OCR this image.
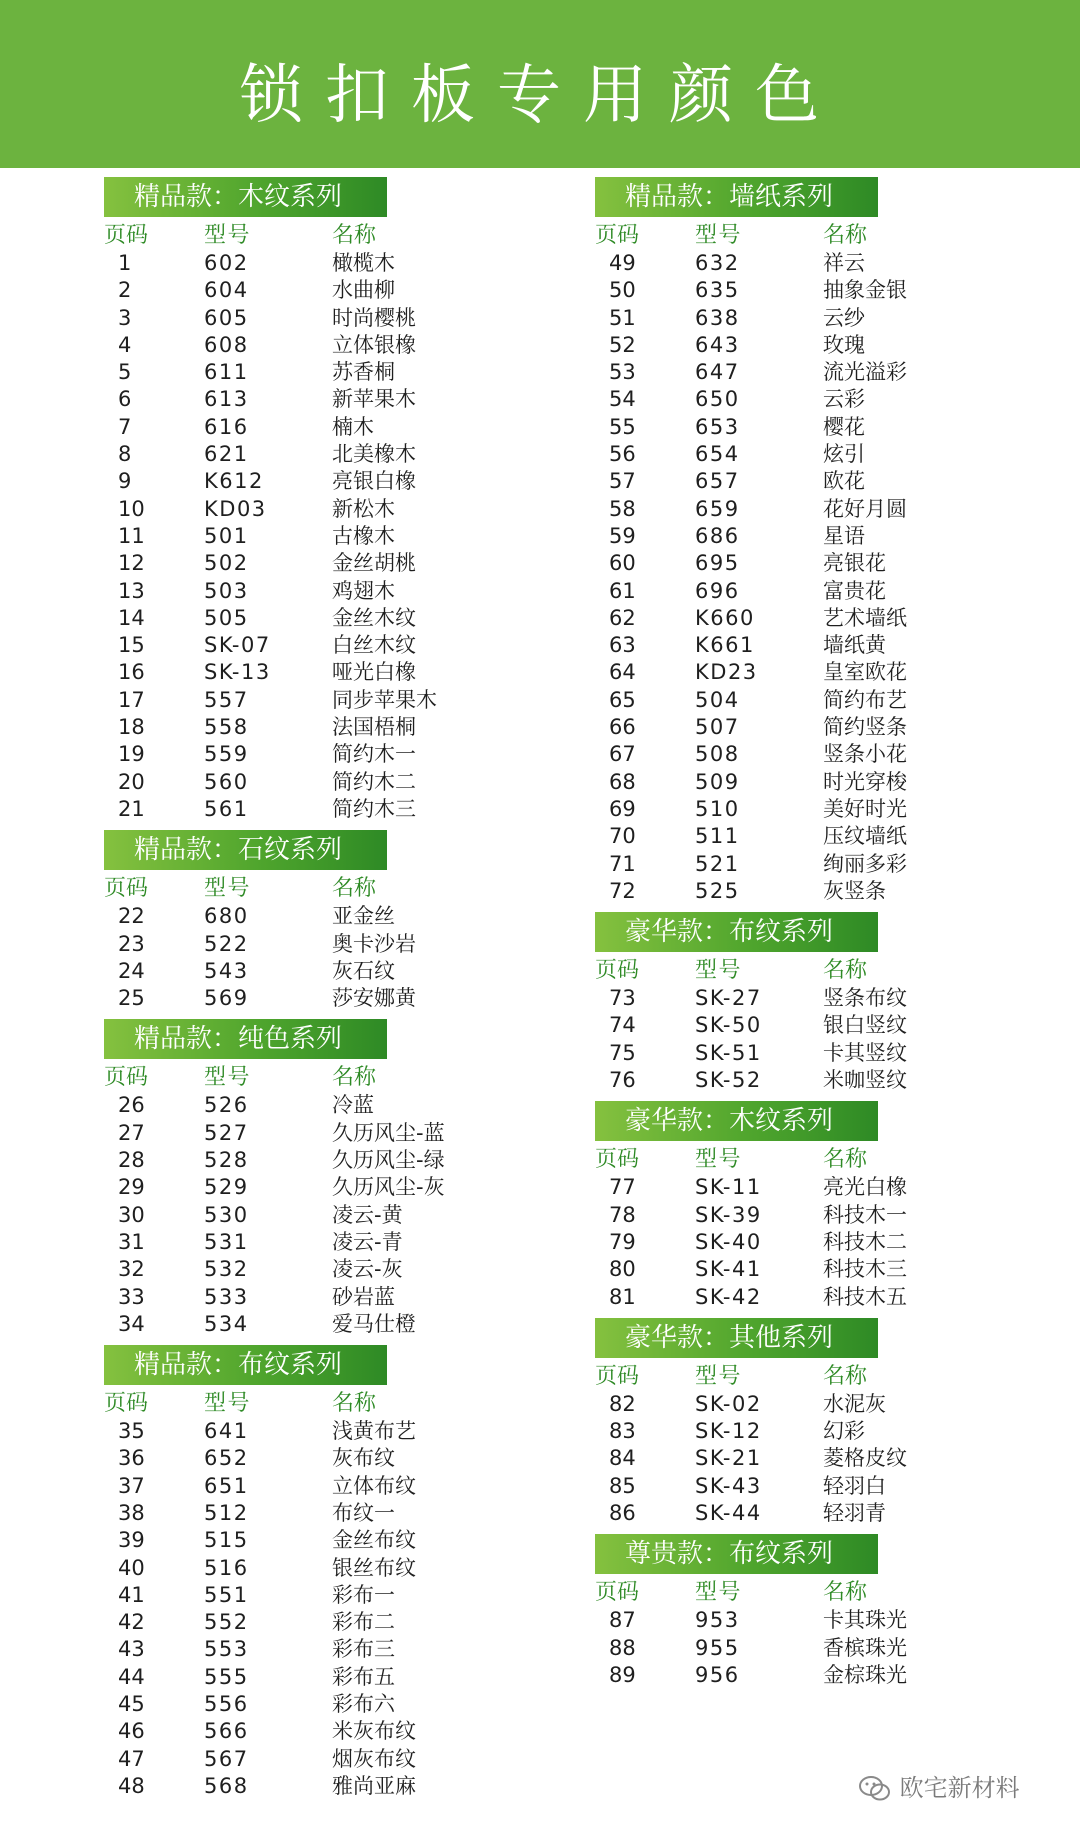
锁扣板专用颜色
精品款：木纹系列
页码	型号	名称
1	602	橄榄木
2	604	水曲柳
3	605	时尚樱桃
4	608	立体银橡
5	611	苏香桐
6	613	新苹果木
7	616	楠木
8	621	北美橡木
9	K612	亮银白橡
10	KD03	新松木
11	501	古橡木
12	502	金丝胡桃
13	503	鸡翅木
14	505	金丝木纹
15	SK-07	白丝木纹
16	SK-13	哑光白橡
17	557	同步苹果木
18	558	法国梧桐
19	559	简约木一
20	560	简约木二
21	561	简约木三
精品款：石纹系列
页码	型号	名称
22	680	亚金丝
23	522	奥卡沙岩
24	543	灰石纹
25	569	莎安娜黄
精品款：纯色系列
页码	型号	名称
26	526	冷蓝
27	527	久历风尘-蓝
28	528	久历风尘-绿
29	529	久历风尘-灰
30	530	凌云-黄
31	531	凌云-青
32	532	凌云-灰
33	533	砂岩蓝
34	534	爱马仕橙
精品款：布纹系列
页码	型号	名称
35	641	浅黄布艺
36	652	灰布纹
37	651	立体布纹
38	512	布纹一
39	515	金丝布纹
40	516	银丝布纹
41	551	彩布一
42	552	彩布二
43	553	彩布三
44	555	彩布五
45	556	彩布六
46	566	米灰布纹
47	567	烟灰布纹
48	568	雅尚亚麻
精品款：墙纸系列
页码	型号	名称
49	632	祥云
50	635	抽象金银
51	638	云纱
52	643	玫瑰
53	647	流光溢彩
54	650	云彩
55	653	樱花
56	654	炫引
57	657	欧花
58	659	花好月圆
59	686	星语
60	695	亮银花
61	696	富贵花
62	K660	艺术墙纸
63	K661	墙纸黄
64	KD23	皇室欧花
65	504	简约布艺
66	507	简约竖条
67	508	竖条小花
68	509	时光穿梭
69	510	美好时光
70	511	压纹墙纸
71	521	绚丽多彩
72	525	灰竖条
豪华款：布纹系列
页码	型号	名称
73	SK-27	竖条布纹
74	SK-50	银白竖纹
75	SK-51	卡其竖纹
76	SK-52	米咖竖纹
豪华款：木纹系列
页码	型号	名称
77	SK-11	亮光白橡
78	SK-39	科技木一
79	SK-40	科技木二
80	SK-41	科技木三
81	SK-42	科技木五
豪华款：其他系列
页码	型号	名称
82	SK-02	水泥灰
83	SK-12	幻彩
84	SK-21	菱格皮纹
85	SK-43	轻羽白
86	SK-44	轻羽青
尊贵款：布纹系列
页码	型号	名称
87	953	卡其珠光
88	955	香槟珠光
89	956	金棕珠光
欧宅新材料
